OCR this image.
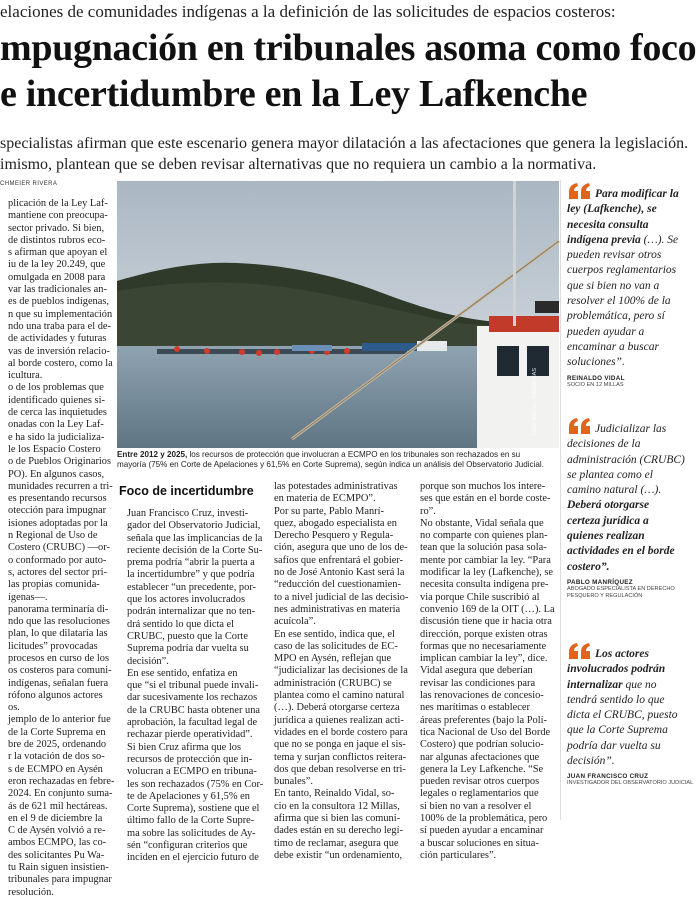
elaciones de comunidades indígenas a la definición de las solicitudes de espacios costeros:
mpugnación en tribunales asoma como foco
e incertidumbre en la Ley Lafkenche
specialistas afirman que este escenario genera mayor dilatación a las afectaciones que genera la legislación.
imismo, plantean que se deben revisar alternativas que no requiera un cambio a la normativa.
CHMEIER RIVERA

plicación de la Ley Laf-
mantiene con preocupa-
sector privado. Si bien,
de distintos rubros eco-
s afirman que apoyan el
iu de la ley 20.249, que
omulgada en 2008 para
var las tradicionales an-
es de pueblos indígenas,
n que su implementación
ndo una traba para el de-
de actividades y futuras
vas de inversión relacio-
al borde costero, como la
icultura.

o de los problemas que
identificado quienes si-
de cerca las inquietudes
onadas con la Ley Laf-
e ha sido la judicializa-
le los Espacio Costero
o de Pueblos Originarios
PO). En algunos casos,
munidades recurren a tri-
es presentando recursos
otección para impugnar
isiones adoptadas por la
n Regional de Uso de
Costero (CRUBC) —or-
o conformado por auto-
s, actores del sector pri-
las propias comunida-
ígenas—.

panorama terminaría di-
ndo que las resoluciones
plan, lo que dilataría las
licitudes” provocadas
procesos en curso de los
os costeros para comuni-
indígenas, señalan fuera
rófono algunos actores
os.

jemplo de lo anterior fue
de la Corte Suprema en
bre de 2025, ordenando
r la votación de dos so-
s de ECMPO en Aysén
eron rechazadas en febre-
2024. En conjunto suma-
ás de 621 mil hectáreas.
en el 9 de diciembre la
C de Aysén volvió a re-
ambos ECMPO, las co-
des solicitantes Pu Wa-
tu Rain siguen insistien-
tribunales para impugnar
resolución.

JOSÉ MIGUEL CÁRDENAS
Entre 2012 y 2025, los recursos de protección que involucran a ECMPO en los tribunales son rechazados en su
mayoría (75% en Corte de Apelaciones y 61,5% en Corte Suprema), según indica un análisis del Observatorio Judicial.
Foco de incertidumbre

Juan Francisco Cruz, investi-
gador del Observatorio Judicial,
señala que las implicancias de la
reciente decisión de la Corte Su-
prema podría “abrir la puerta a
la incertidumbre” y que podría
establecer “un precedente, por-
que los actores involucrados
podrán internalizar que no ten-
drá sentido lo que dicta el
CRUBC, puesto que la Corte
Suprema podría dar vuelta su
decisión”.

En ese sentido, enfatiza en
que “si el tribunal puede invali-
dar sucesivamente los rechazos
de la CRUBC hasta obtener una
aprobación, la facultad legal de
rechazar pierde operatividad”.

Si bien Cruz afirma que los
recursos de protección que in-
volucran a ECMPO en tribuna-
les son rechazados (75% en Cor-
te de Apelaciones y 61,5% en
Corte Suprema), sostiene que el
último fallo de la Corte Supre-
ma sobre las solicitudes de Ay-
sén “configuran criterios que
inciden en el ejercicio futuro de

las potestades administrativas
en materia de ECMPO”.

Por su parte, Pablo Manrí-
quez, abogado especialista en
Derecho Pesquero y Regula-
ción, asegura que uno de los de-
safíos que enfrentará el gobier-
no de José Antonio Kast será la
“reducción del cuestionamien-
to a nivel judicial de las decisio-
nes administrativas en materia
acuícola”.

En ese sentido, indica que, el
caso de las solicitudes de EC-
MPO en Aysén, reflejan que
“judicializar las decisiones de la
administración (CRUBC) se
plantea como el camino natural
(…). Deberá otorgarse certeza
jurídica a quienes realizan acti-
vidades en el borde costero para
que no se ponga en jaque el sis-
tema y surjan conflictos reitera-
dos que deban resolverse en tri-
bunales”.

En tanto, Reinaldo Vidal, so-
cio en la consultora 12 Millas,
afirma que si bien las comuni-
dades están en su derecho legí-
timo de reclamar, asegura que
debe existir “un ordenamiento,

porque son muchos los intere-
ses que están en el borde coste-
ro”.

No obstante, Vidal señala que
no comparte con quienes plan-
tean que la solución pasa sola-
mente por cambiar la ley. “Para
modificar la ley (Lafkenche), se
necesita consulta indígena pre-
via porque Chile suscribió al
convenio 169 de la OIT (…). La
discusión tiene que ir hacia otra
dirección, porque existen otras
formas que no necesariamente
implican cambiar la ley”, dice.

Vidal asegura que deberían
revisar las condiciones para
las renovaciones de concesio-
nes marítimas o establecer
áreas preferentes (bajo la Polí-
tica Nacional de Uso del Borde
Costero) que podrían solucio-
nar algunas afectaciones que
genera la Ley Lafkenche. “Se
pueden revisar otros cuerpos
legales o reglamentarios que
si bien no van a resolver el
100% de la problemática, pero
sí pueden ayudar a encaminar
a buscar soluciones en situa-
ción particulares”.

Para modificar la
ley (Lafkenche), se
necesita consulta
indígena previa (…). Se
pueden revisar otros
cuerpos reglamentarios
que si bien no van a
resolver el 100% de la
problemática, pero sí
pueden ayudar a
encaminar a buscar
soluciones”.
REINALDO VIDAL
SOCIO EN 12 MILLAS
Judicializar las
decisiones de la
administración (CRUBC)
se plantea como el
camino natural (…).
Deberá otorgarse
certeza jurídica a
quienes realizan
actividades en el borde
costero”.
PABLO MANRÍQUEZ
ABOGADO ESPECIALISTA EN DERECHO
PESQUERO Y REGULACIÓN
Los actores
involucrados podrán
internalizar que no
tendrá sentido lo que
dicta el CRUBC, puesto
que la Corte Suprema
podría dar vuelta su
decisión”.
JUAN FRANCISCO CRUZ
INVESTIGADOR DEL OBSERVATORIO JUDICIAL
